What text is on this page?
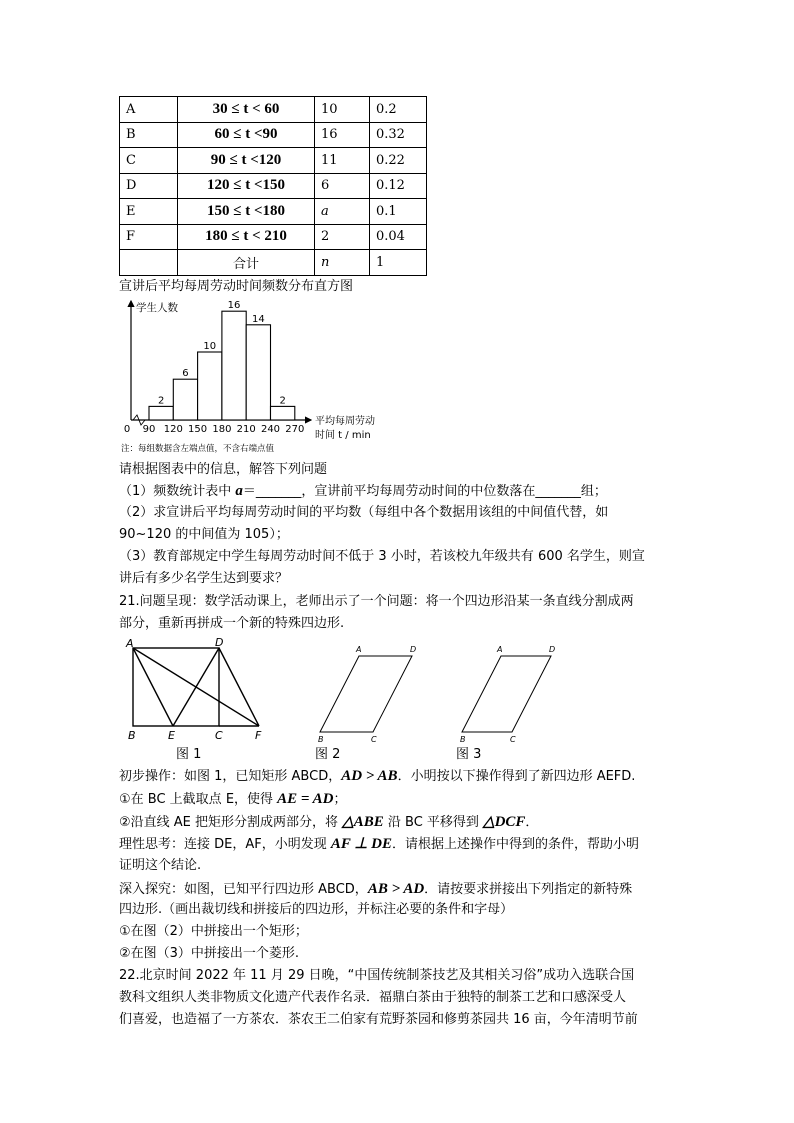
A	30 ≤ t < 60	10	0.2
B	60 ≤ t <90	16	0.32
C	90 ≤ t <120	11	0.22
D	120 ≤ t <150	6	0.12
E	150 ≤ t <180	a	0.1
F	180 ≤ t < 210	2	0.04
	合计	n	1
宣讲后平均每周劳动时间频数分布直方图
学生人数
2
6
10
16
14
2
0 90 120 150 180 210 240 270
平均每周劳动
时间 t / min
注：每组数据含左端点值，不含右端点值
请根据图表中的信息，解答下列问题
（1）频数统计表中 a＝_______，宣讲前平均每周劳动时间的中位数落在_______组；
（2）求宣讲后平均每周劳动时间的平均数（每组中各个数据用该组的中间值代替，如
90~120 的中间值为 105）；
（3）教育部规定中学生每周劳动时间不低于 3 小时，若该校九年级共有 600 名学生，则宣
讲后有多少名学生达到要求？
21.问题呈现：数学活动课上，老师出示了一个问题：将一个四边形沿某一条直线分割成两
部分，重新再拼成一个新的特殊四边形.
A	D
B	E	C	F
图 1
A	D
B	C
图 2
A	D
B	C
图 3
初步操作：如图 1，已知矩形 ABCD，AD > AB．小明按以下操作得到了新四边形 AEFD.
①在 BC 上截取点 E，使得 AE = AD；
②沿直线 AE 把矩形分割成两部分，将 △ABE 沿 BC 平移得到 △DCF．
理性思考：连接 DE，AF，小明发现 AF ⊥ DE．请根据上述操作中得到的条件，帮助小明
证明这个结论.
深入探究：如图，已知平行四边形 ABCD，AB > AD．请按要求拼接出下列指定的新特殊
四边形.（画出裁切线和拼接后的四边形，并标注必要的条件和字母）
①在图（2）中拼接出一个矩形；
②在图（3）中拼接出一个菱形.
22.北京时间 2022 年 11 月 29 日晚，“中国传统制茶技艺及其相关习俗”成功入选联合国
教科文组织人类非物质文化遗产代表作名录．福鼎白茶由于独特的制茶工艺和口感深受人
们喜爱，也造福了一方茶农．茶农王二伯家有荒野茶园和修剪茶园共 16 亩，今年清明节前
